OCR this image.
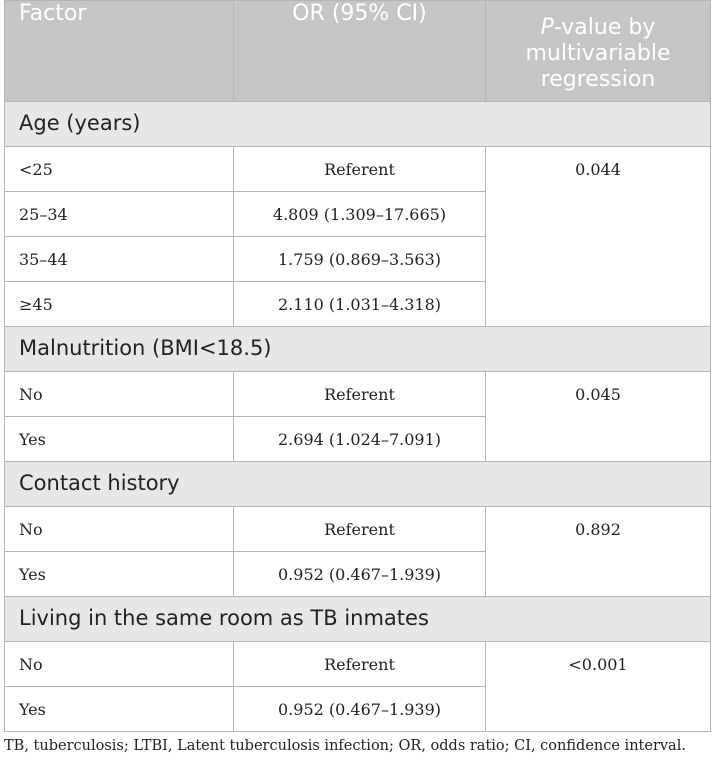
Factor	OR (95% CI)	P-value by
multivariable
regression
Age (years)		
<25	Referent	0.044
25–34	4.809 (1.309–17.665)	
35–44	1.759 (0.869–3.563)	
≥45	2.110 (1.031–4.318)	
Malnutrition (BMI<18.5)		
No	Referent	0.045
Yes	2.694 (1.024–7.091)	
Contact history		
No	Referent	0.892
Yes	0.952 (0.467–1.939)	
Living in the same room as TB inmates		
No	Referent	<0.001
Yes	0.952 (0.467–1.939)	
TB, tuberculosis; LTBI, Latent tuberculosis infection; OR, odds ratio; CI, confidence interval.
